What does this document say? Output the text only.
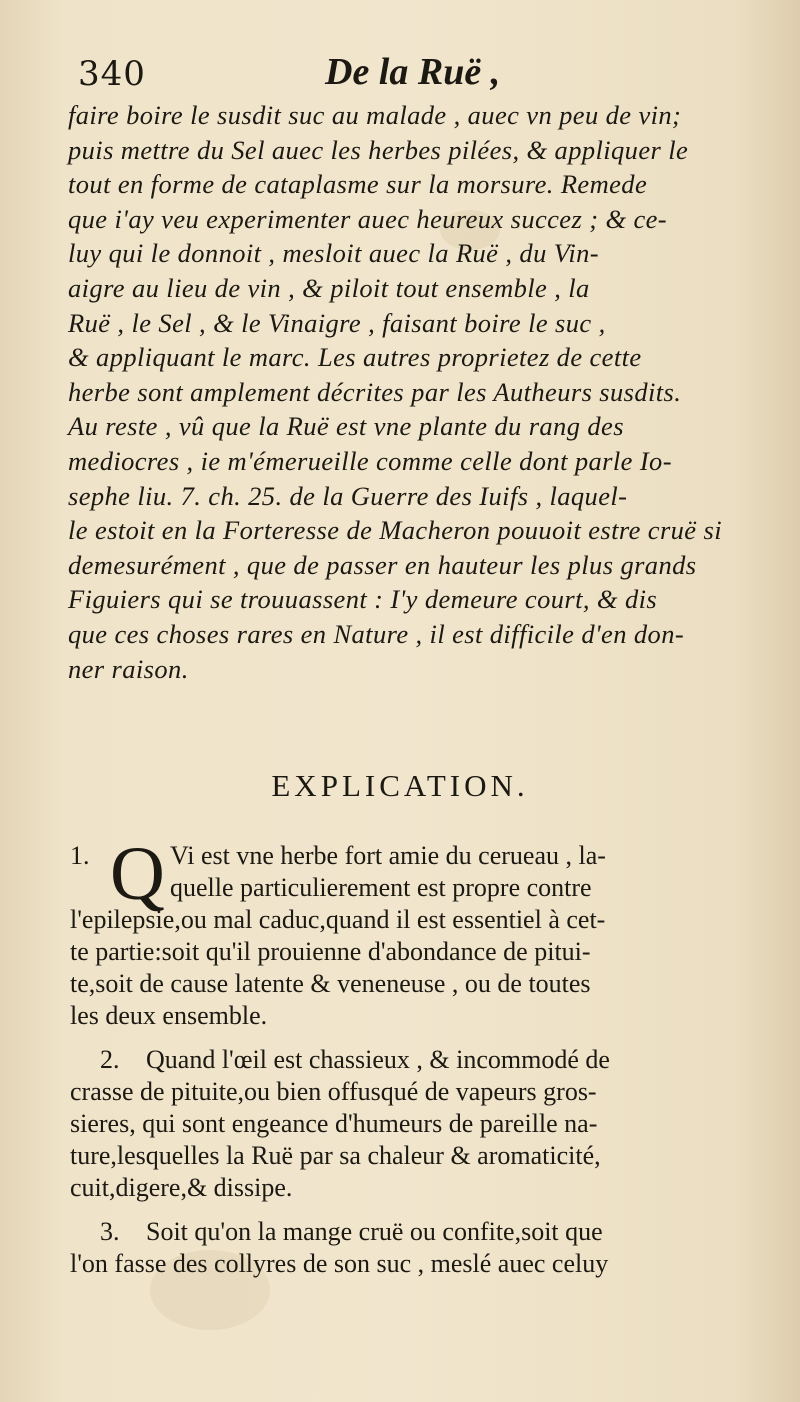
340	De la Ruë ,
faire boire le susdit suc au malade , auec vn peu de vin;
puis mettre du Sel auec les herbes pilées, & appliquer le
tout en forme de cataplasme sur la morsure. Remede
que i'ay veu experimenter auec heureux succez ; & ce-
luy qui le donnoit , mesloit auec la Ruë , du Vin-
aigre au lieu de vin , & piloit tout ensemble , la
Ruë , le Sel , & le Vinaigre , faisant boire le suc ,
& appliquant le marc. Les autres proprietez de cette
herbe sont amplement décrites par les Autheurs susdits.
Au reste , vû que la Ruë est vne plante du rang des
mediocres , ie m'émerueille comme celle dont parle Io-
sephe liu. 7. ch. 25. de la Guerre des Iuifs , laquel-
le estoit en la Forteresse de Macheron pouuoit estre cruë si
demesurément , que de passer en hauteur les plus grands
Figuiers qui se trouuassent : I'y demeure court, & dis
que ces choses rares en Nature , il est difficile d'en don-
ner raison.
EXPLICATION.
Q
1.	Vi est vne herbe fort amie du cerueau , la-
quelle particulierement est propre contre
l'epilepsie,ou mal caduc,quand il est essentiel à cet-
te partie:soit qu'il prouienne d'abondance de pitui-
te,soit de cause latente & veneneuse , ou de toutes
les deux ensemble.
2. Quand l'œil est chassieux , & incommodé de
crasse de pituite,ou bien offusqué de vapeurs gros-
sieres, qui sont engeance d'humeurs de pareille na-
ture,lesquelles la Ruë par sa chaleur & aromaticité,
cuit,digere,& dissipe.
3. Soit qu'on la mange cruë ou confite,soit que
l'on fasse des collyres de son suc , meslé auec celuy
